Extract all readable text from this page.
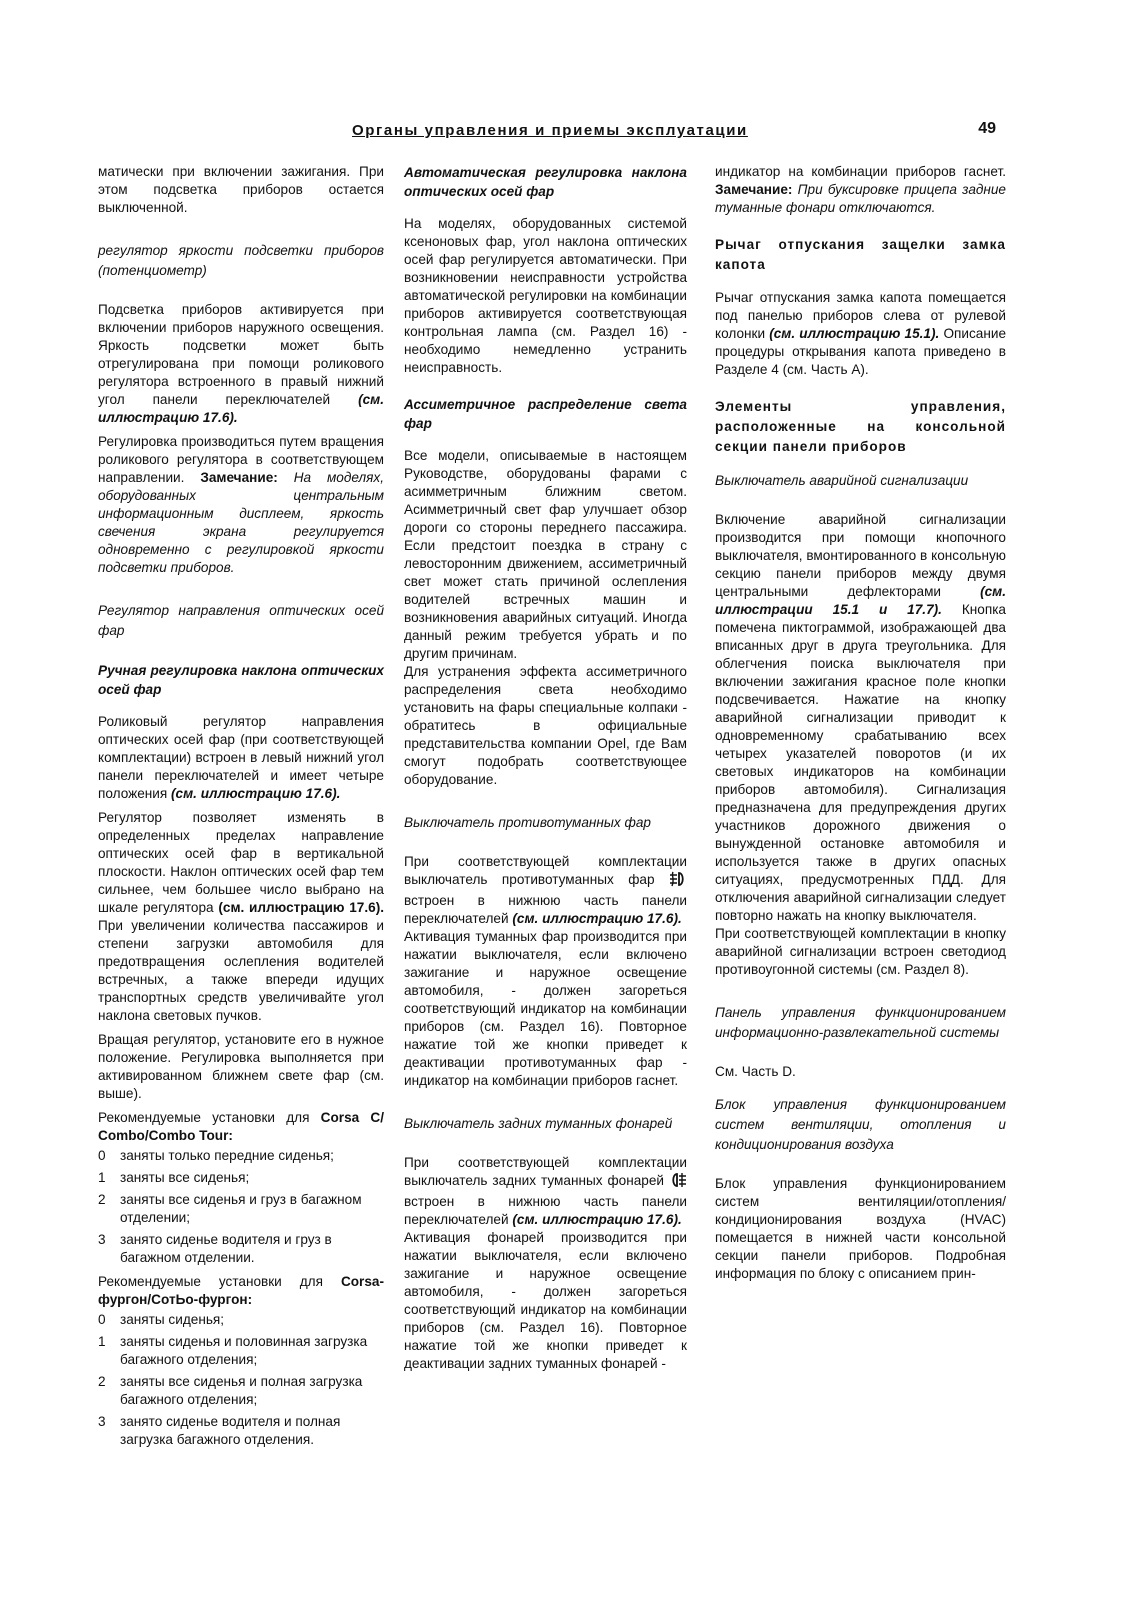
Органы управления и приемы эксплуатации	49

матически при включении зажигания. При этом подсветка приборов остается выключенной.

регулятор яркости подсветки приборов (потенциометр)

Подсветка приборов активируется при включении приборов наружного освещения. Яркость подсветки может быть отрегулирована при помощи роликового регулятора встроенного в правый нижний угол панели переключателей (см. иллюстрацию 17.6).

Регулировка производиться путем вращения роликового регулятора в соответствующем направлении. Замечание: На моделях, оборудованных центральным информационным дисплеем, яркость свечения экрана регулируется одновременно с регулировкой яркости подсветки приборов.

Регулятор направления оптических осей фар

Ручная регулировка наклона оптических осей фар

Роликовый регулятор направления оптических осей фар (при соответствующей комплектации) встроен в левый нижний угол панели переключателей и имеет четыре положения (см. иллюстрацию 17.6).

Регулятор позволяет изменять в определенных пределах направление оптических осей фар в вертикальной плоскости. Наклон оптических осей фар тем сильнее, чем большее число выбрано на шкале регулятора (см. иллюстрацию 17.6). При увеличении количества пассажиров и степени загрузки автомобиля для предотвращения ослепления водителей встречных, а также впереди идущих транспортных средств увеличивайте угол наклона световых пучков.

Вращая регулятор, установите его в нужное положение. Регулировка выполняется при активированном ближнем свете фар (см. выше).

Рекомендуемые установки для Corsa C/ Combo/Combo Tour:

0 заняты только передние сиденья;
1 заняты все сиденья;
2 заняты все сиденья и груз в багажном отделении;
3 занято сиденье водителя и груз в багажном отделении.

Рекомендуемые установки для Corsa-фургон/СотЬо-фургон:

0 заняты сиденья;
1 заняты сиденья и половинная загрузка багажного отделения;
2 заняты все сиденья и полная загрузка багажного отделения;
3 занято сиденье водителя и полная загрузка багажного отделения.

Автоматическая регулировка наклона оптических осей фар

На моделях, оборудованных системой ксеноновых фар, угол наклона оптических осей фар регулируется автоматически. При возникновении неисправности устройства автоматической регулировки на комбинации приборов активируется соответствующая контрольная лампа (см. Раздел 16) - необходимо немедленно устранить неисправность.

Ассиметричное распределение света фар

Все модели, описываемые в настоящем Руководстве, оборудованы фарами с асимметричным ближним светом. Асимметричный свет фар улучшает обзор дороги со стороны переднего пассажира. Если предстоит поездка в страну с левосторонним движением, ассиметричный свет может стать причиной ослепления водителей встречных машин и возникновения аварийных ситуаций. Иногда данный режим требуется убрать и по другим причинам.

Для устранения эффекта ассиметричного распределения света необходимо установить на фары специальные колпаки - обратитесь в официальные представительства компании Opel, где Вам смогут подобрать соответствующее оборудование.

Выключатель противотуманных фар

При соответствующей комплектации выключатель противотуманных фар  встроен в нижнюю часть панели переключателей (см. иллюстрацию 17.6).

Активация туманных фар производится при нажатии выключателя, если включено зажигание и наружное освещение автомобиля, - должен загореться соответствующий индикатор на комбинации приборов (см. Раздел 16). Повторное нажатие той же кнопки приведет к деактивации противотуманных фар - индикатор на комбинации приборов гаснет.

Выключатель задних туманных фонарей

При соответствующей комплектации выключатель задних туманных фонарей  встроен в нижнюю часть панели переключателей (см. иллюстрацию 17.6).

Активация фонарей производится при нажатии выключателя, если включено зажигание и наружное освещение автомобиля, - должен загореться соответствующий индикатор на комбинации приборов (см. Раздел 16). Повторное нажатие той же кнопки приведет к деактивации задних туманных фонарей -

индикатор на комбинации приборов гаснет. Замечание: При буксировке прицепа задние туманные фонари отключаются.

Рычаг отпускания защелки замка капота

Рычаг отпускания замка капота помещается под панелью приборов слева от рулевой колонки (см. иллюстрацию 15.1). Описание процедуры открывания капота приведено в Разделе 4 (см. Часть А).

Элементы управления, расположенные на консольной секции панели приборов

Выключатель аварийной сигнализации

Включение аварийной сигнализации производится при помощи кнопочного выключателя, вмонтированного в консольную секцию панели приборов между двумя центральными дефлекторами	(см. иллюстрации 15.1 и 17.7). Кнопка помечена пиктограммой, изображающей два вписанных друг в друга треугольника. Для облегчения поиска выключателя при включении зажигания красное поле кнопки подсвечивается. Нажатие на кнопку аварийной сигнализации приводит к одновременному срабатыванию всех четырех указателей поворотов (и их световых индикаторов на комбинации приборов автомобиля). Сигнализация предназначена для предупреждения других участников дорожного движения о вынужденной остановке автомобиля и используется также в других опасных ситуациях, предусмотренных ПДД. Для отключения аварийной сигнализации следует повторно нажать на кнопку выключателя.

При соответствующей комплектации в кнопку аварийной сигнализации встроен светодиод противоугонной системы (см. Раздел 8).

Панель управления функционированием информационно-развлекательной системы

См. Часть D.

Блок управления функционированием систем вентиляции, отопления и кондиционирования воздуха

Блок управления функционированием систем вентиляции/отопления/кондиционирования воздуха (HVAC) помещается в нижней части консольной секции панели приборов. Подробная информация по блоку с описанием прин-
